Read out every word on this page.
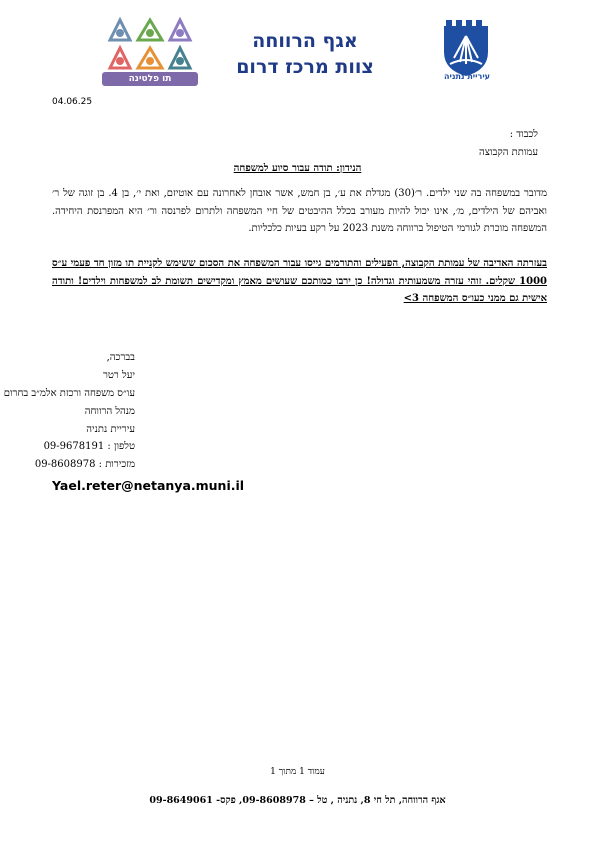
עיריית נתניה
אגף הרווחה
צוות מרכז דרום
תו פלטינה
04.06.25
לכבוד :
עמותת הקבוצה
הנידון: תודה עבור סיוע למשפחה
מדובר במשפחה בה שני ילדים. ר׳(30) מגדלת את ע׳, בן חמש, אשר אובחן לאחרונה עם אוטיזם, ואת י׳, בן 4. בן זוגה של ר׳ ואביהם של הילדים, מ׳, אינו יכול להיות מעורב בכלל ההיבטים של חיי המשפחה ולתרום לפרנסה ור׳ היא המפרנסת היחידה. המשפחה מוכרת לגורמי הטיפול ברווחה משנת 2023 על רקע בעיות כלכליות.
בעזרתה האדיבה של עמותת הקבוצה, הפעילים והתורמים גייסו עבור המשפחה את הסכום ששימש לקניית תו מזון חד פעמי ע״ס 1000 שקלים. זוהי עזרה משמעותית וגדולה! כן ירבו כמותכם שעושים מאמץ ומקדישים תשומת לב למשפחות וילדים! ותודה אישית גם ממני כעו״ס המשפחה 3>
בברכה,
יעל רטר
עו״ס משפחה ורכזת אלמ״ב בחרום
מנהל הרווחה
עיריית נתניה
טלפון : 09-9678191
מזכירות : 09-8608978
Yael.reter@netanya.muni.il
עמוד 1 מתוך 1
אגף הרווחה, תל חי 8, נתניה , טל – 09-8608978, פקס- 09-8649061
